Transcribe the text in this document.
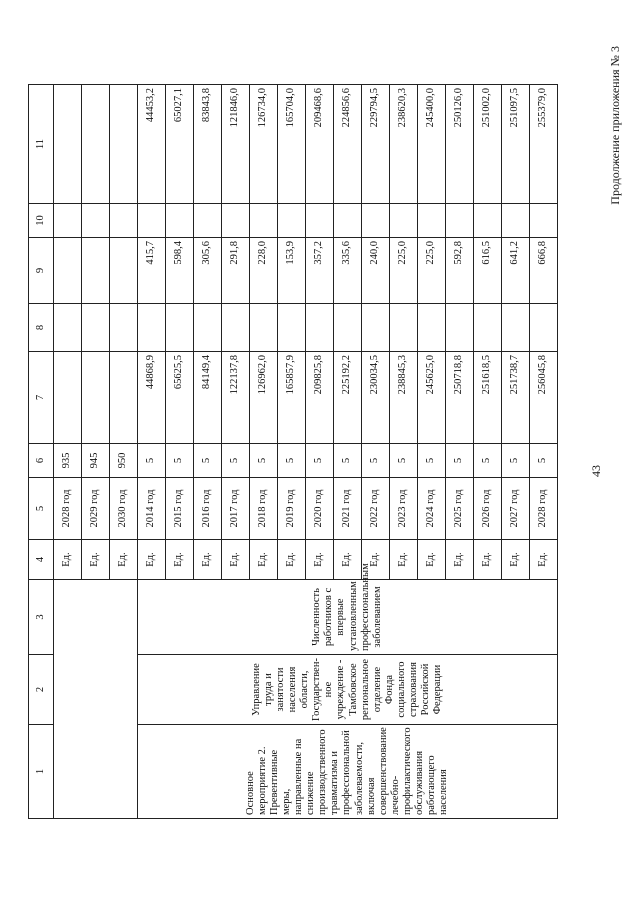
43
Продолжение приложения № 3
1	2	3	4	5	6	7	8	9	10	11
			Ед.	2028 год	935					
			Ед.	2029 год	945					
			Ед.	2030 год	950					
Основное мероприятие 2. Превентивные меры, направленные на снижение производственного травматизма и профессиональной заболеваемости, включая совершенствование лечебно-профилактического обслуживания работающего населения	Управление труда и занятости населения области, Государствен-ное учреждение - Тамбовское региональное отделение Фонда социального страхования Российской Федерации	Численность работников с впервые установленным профессиональным заболеванием	Ед.	2014 год	5	44868,9		415,7		44453,2
			Ед.	2015 год	5	65625,5		598,4		65027,1
			Ед.	2016 год	5	84149,4		305,6		83843,8
			Ед.	2017 год	5	122137,8		291,8		121846,0
			Ед.	2018 год	5	126962,0		228,0		126734,0
			Ед.	2019 год	5	165857,9		153,9		165704,0
			Ед.	2020 год	5	209825,8		357,2		209468,6
			Ед.	2021 год	5	225192,2		335,6		224856,6
			Ед.	2022 год	5	230034,5		240,0		229794,5
			Ед.	2023 год	5	238845,3		225,0		238620,3
			Ед.	2024 год	5	245625,0		225,0		245400,0
			Ед.	2025 год	5	250718,8		592,8		250126,0
			Ед.	2026 год	5	251618,5		616,5		251002,0
			Ед.	2027 год	5	251738,7		641,2		251097,5
			Ед.	2028 год	5	256045,8		666,8		255379,0
